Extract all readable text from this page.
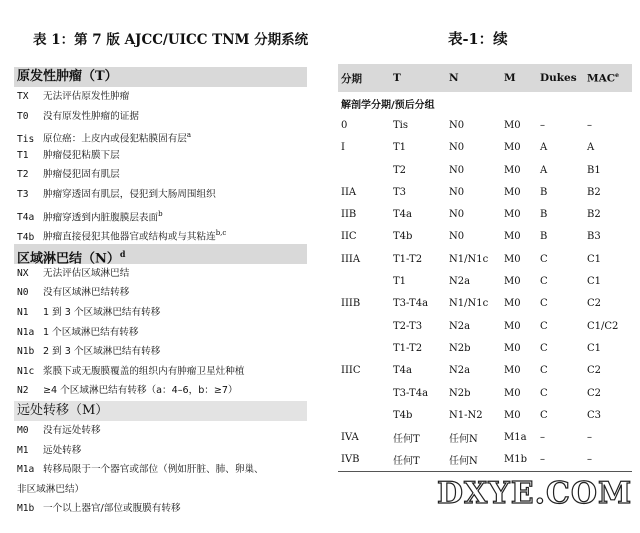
表 1：第 7 版 AJCC/UICC TNM 分期系统	表-1：续
原发性肿瘤（T）
TX 无法评估原发性肿瘤
T0 没有原发性肿瘤的证据
Tis 原位癌：上皮内或侵犯粘膜固有层$^a$
T1 肿瘤侵犯粘膜下层
T2 肿瘤侵犯固有肌层
T3 肿瘤穿透固有肌层，侵犯到大肠周围组织
T4a 肿瘤穿透到内脏腹膜层表面$^b$
T4b 肿瘤直接侵犯其他器官或结构或与其粘连$^{b,c}$
区域淋巴结$(N)^d$
NX 无法评估区域淋巴结
N0 没有区域淋巴结转移
N1 1 到 3 个区域淋巴结有转移
N1a 1 个区域淋巴结有转移
N1b 2 到 3 个区域淋巴结有转移
N1c 浆膜下或无腹膜覆盖的组织内有肿瘤卫星灶种植
N2 ≥4 个区域淋巴结有转移（a：4–6，b：≥7）
远处转移（M）
M0 没有远处转移
M1 远处转移
M1a 转移局限于一个器官或部位（例如肝脏、肺、卵巢、
非区域淋巴结）
M1b 一个以上器官/部位或腹膜有转移
分期	T	N	M	Dukes	MAC$^e$
解剖学分期/预后分组					
0	Tis	N0	M0	–	–
I	T1	N0	M0	A	A
	T2	N0	M0	A	B1
IIA	T3	N0	M0	B	B2
IIB	T4a	N0	M0	B	B2
IIC	T4b	N0	M0	B	B3
IIIA	T1-T2	N1/N1c	M0	C	C1
	T1	N2a	M0	C	C1
IIIB	T3-T4a	N1/N1c	M0	C	C2
	T2-T3	N2a	M0	C	C1/C2
	T1-T2	N2b	M0	C	C1
IIIC	T4a	N2a	M0	C	C2
	T3-T4a	N2b	M0	C	C2
	T4b	N1-N2	M0	C	C3
IVA	任何T	任何N	M1a	–	–
IVB	任何T	任何N	M1b	–	–
DXYE.COM
